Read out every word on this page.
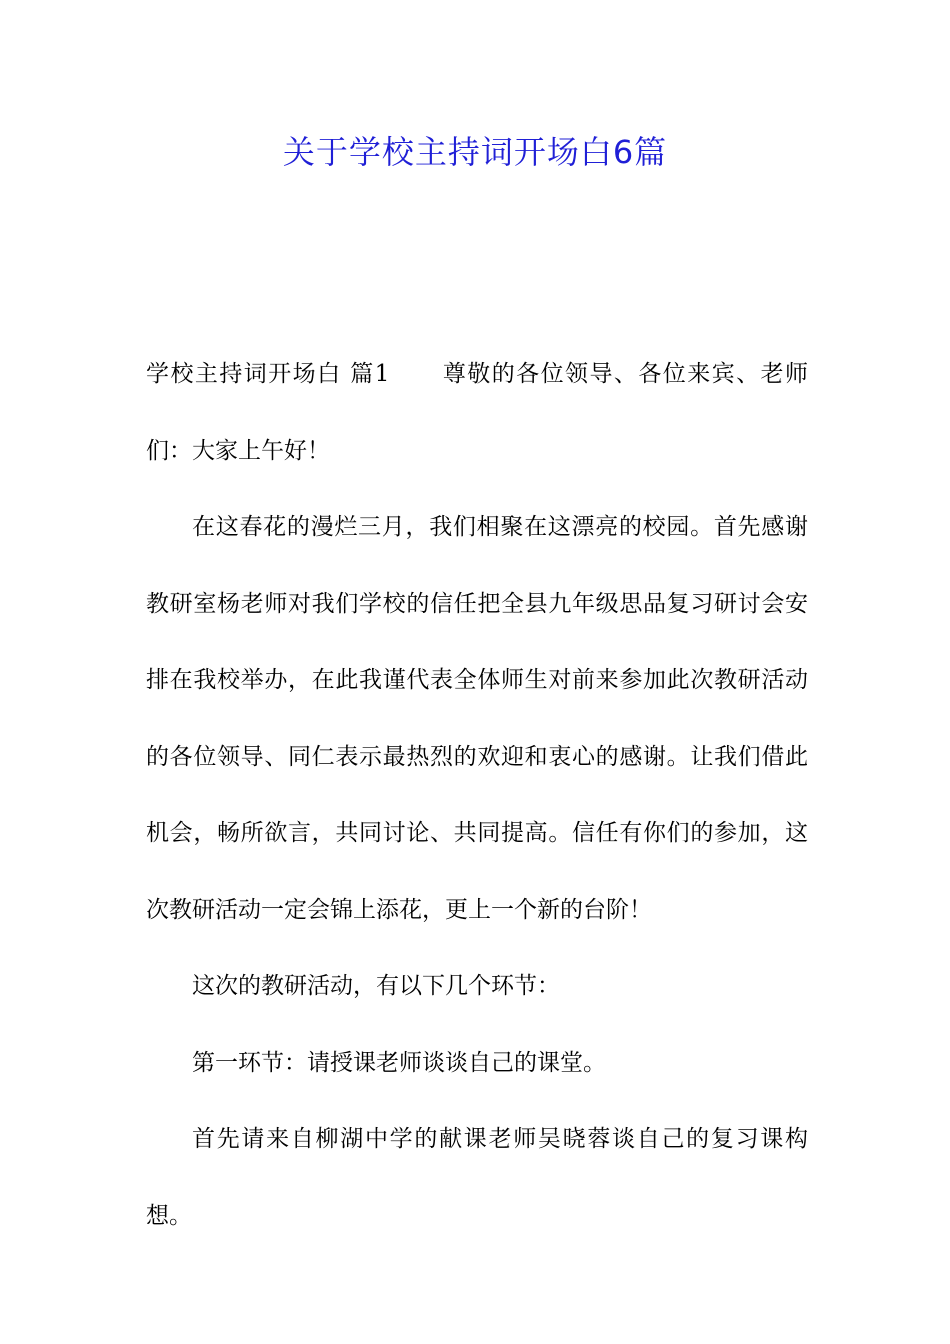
关于学校主持词开场白6篇

学校主持词开场白 篇1 尊敬的各位领导、各位来宾、老师们：大家上午好！

在这春花的漫烂三月，我们相聚在这漂亮的校园。首先感谢教研室杨老师对我们学校的信任把全县九年级思品复习研讨会安排在我校举办，在此我谨代表全体师生对前来参加此次教研活动的各位领导、同仁表示最热烈的欢迎和衷心的感谢。让我们借此机会，畅所欲言，共同讨论、共同提高。信任有你们的参加，这次教研活动一定会锦上添花，更上一个新的台阶！

这次的教研活动，有以下几个环节：

第一环节：请授课老师谈谈自己的课堂。

首先请来自柳湖中学的献课老师吴晓蓉谈自己的复习课构想。
